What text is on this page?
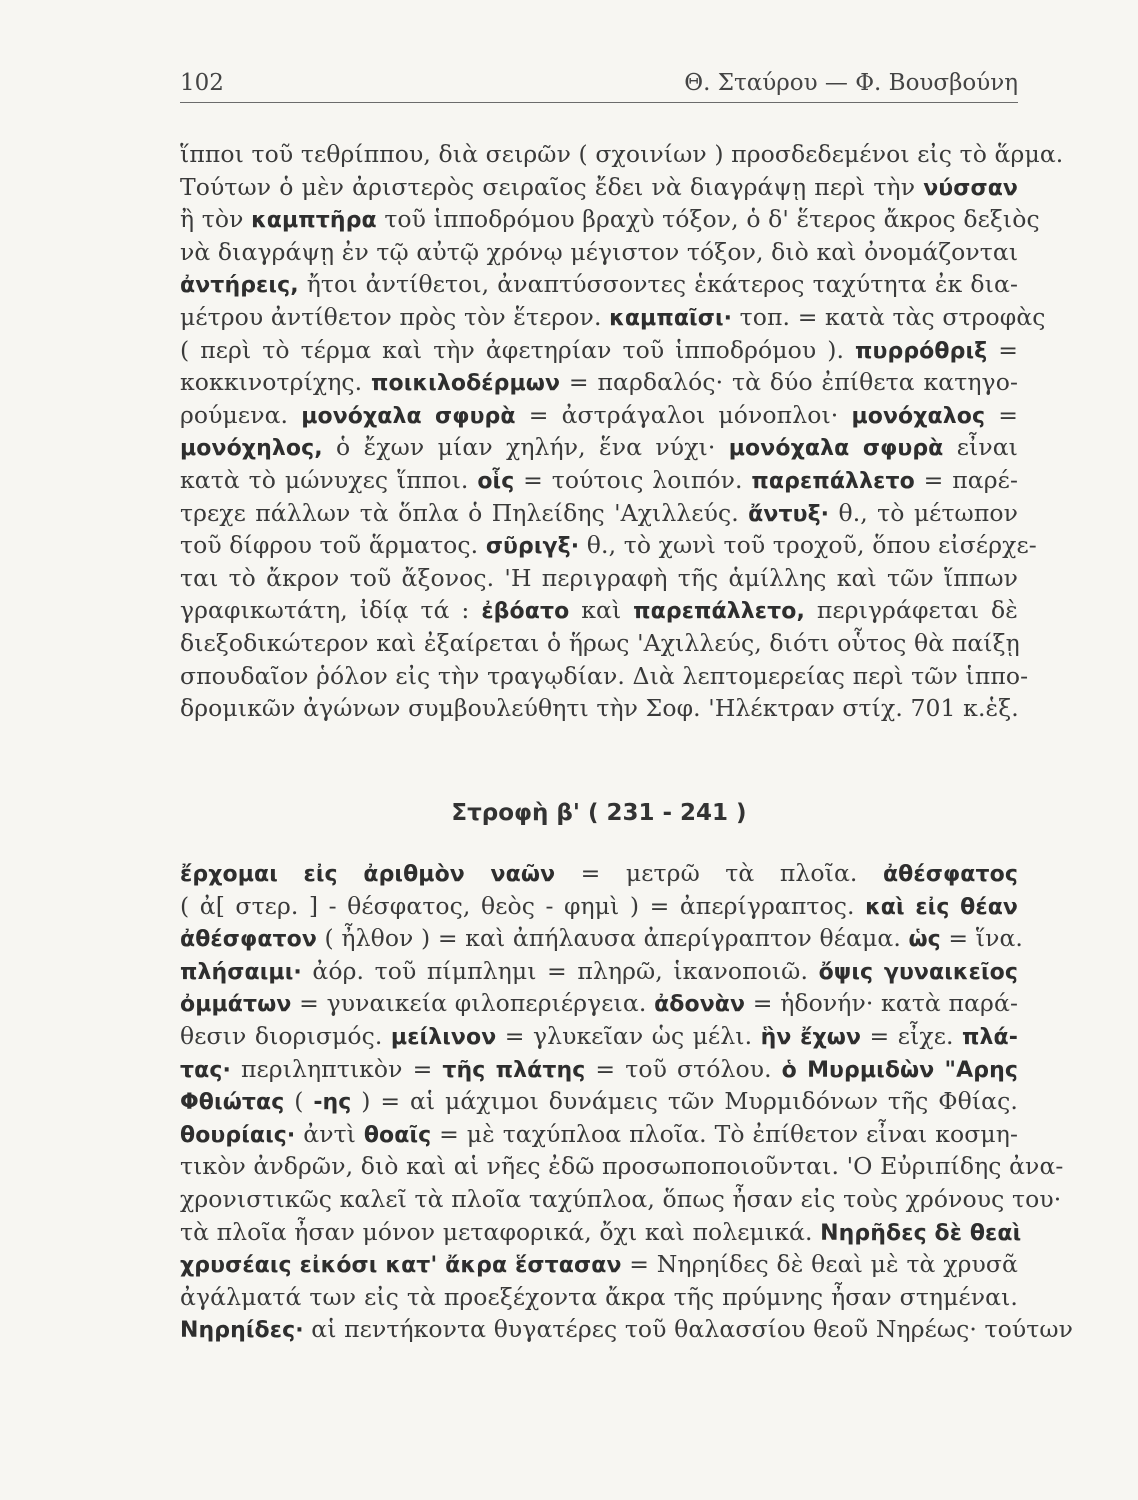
102	Θ. Σταύρου — Φ. Βουσβούνη
ἵπποι τοῦ τεθρίππου, διὰ σειρῶν ( σχοινίων ) προσδεδεμένοι εἰς τὸ ἅρμα.
Τούτων ὁ μὲν ἀριστερὸς σειραῖος ἔδει νὰ διαγράψῃ περὶ τὴν νύσσαν
ἢ τὸν καμπτῆρα τοῦ ἱπποδρόμου βραχὺ τόξον, ὁ δ' ἕτερος ἄκρος δεξιὸς
νὰ διαγράψῃ ἐν τῷ αὐτῷ χρόνῳ μέγιστον τόξον, διὸ καὶ ὀνομάζονται
ἀντήρεις, ἤτοι ἀντίθετοι, ἀναπτύσσοντες ἑκάτερος ταχύτητα ἐκ δια-
μέτρου ἀντίθετον πρὸς τὸν ἕτερον. καμπαῖσι· τοπ. = κατὰ τὰς στροφὰς
( περὶ τὸ τέρμα καὶ τὴν ἀφετηρίαν τοῦ ἱπποδρόμου ). πυρρόθριξ =
κοκκινοτρίχης. ποικιλοδέρμων = παρδαλός· τὰ δύο ἐπίθετα κατηγο-
ρούμενα. μονόχαλα σφυρὰ = ἀστράγαλοι μόνοπλοι· μονόχαλος =
μονόχηλος, ὁ ἔχων μίαν χηλήν, ἕνα νύχι· μονόχαλα σφυρὰ εἶναι
κατὰ τὸ μώνυχες ἵπποι. οἷς = τούτοις λοιπόν. παρεπάλλετο = παρέ-
τρεχε πάλλων τὰ ὅπλα ὁ Πηλείδης 'Αχιλλεύς. ἄντυξ· θ., τὸ μέτωπον
τοῦ δίφρου τοῦ ἅρματος. σῦριγξ· θ., τὸ χωνὶ τοῦ τροχοῦ, ὅπου εἰσέρχε-
ται τὸ ἄκρον τοῦ ἄξονος. 'Η περιγραφὴ τῆς ἁμίλλης καὶ τῶν ἵππων
γραφικωτάτη, ἰδίᾳ τά : ἐβόατο καὶ παρεπάλλετο, περιγράφεται δὲ
διεξοδικώτερον καὶ ἐξαίρεται ὁ ἥρως 'Αχιλλεύς, διότι οὗτος θὰ παίξῃ
σπουδαῖον ῥόλον εἰς τὴν τραγῳδίαν. Διὰ λεπτομερείας περὶ τῶν ἱππο-
δρομικῶν ἀγώνων συμβουλεύθητι τὴν Σοφ. 'Ηλέκτραν στίχ. 701 κ.ἑξ.
Στροφὴ β' ( 231 - 241 )
ἔρχομαι εἰς ἀριθμὸν ναῶν = μετρῶ τὰ πλοῖα. ἀθέσφατος
( ἀ[ στερ. ] - θέσφατος, θεὸς - φημὶ ) = ἀπερίγραπτος. καὶ εἰς θέαν
ἀθέσφατον ( ἦλθον ) = καὶ ἀπήλαυσα ἀπερίγραπτον θέαμα. ὡς = ἵνα.
πλήσαιμι· ἀόρ. τοῦ πίμπλημι = πληρῶ, ἱκανοποιῶ. ὄψις γυναικεῖος
ὀμμάτων = γυναικεία φιλοπεριέργεια. ἀδονὰν = ἡδονήν· κατὰ παρά-
θεσιν διορισμός. μείλινον = γλυκεῖαν ὡς μέλι. ἣν ἔχων = εἶχε. πλά-
τας· περιληπτικὸν = τῆς πλάτης = τοῦ στόλου. ὁ Μυρμιδὼν "Αρης
Φθιώτας ( -ης ) = αἱ μάχιμοι δυνάμεις τῶν Μυρμιδόνων τῆς Φθίας.
θουρίαις· ἀντὶ θοαῖς = μὲ ταχύπλοα πλοῖα. Τὸ ἐπίθετον εἶναι κοσμη-
τικὸν ἀνδρῶν, διὸ καὶ αἱ νῆες ἐδῶ προσωποποιοῦνται. 'Ο Εὐριπίδης ἀνα-
χρονιστικῶς καλεῖ τὰ πλοῖα ταχύπλοα, ὅπως ἦσαν εἰς τοὺς χρόνους του·
τὰ πλοῖα ἦσαν μόνον μεταφορικά, ὄχι καὶ πολεμικά. Νηρῆδες δὲ θεαὶ
χρυσέαις εἰκόσι κατ' ἄκρα ἕστασαν = Νηρηίδες δὲ θεαὶ μὲ τὰ χρυσᾶ
ἀγάλματά των εἰς τὰ προεξέχοντα ἄκρα τῆς πρύμνης ἦσαν στημέναι.
Νηρηίδες· αἱ πεντήκοντα θυγατέρες τοῦ θαλασσίου θεοῦ Νηρέως· τούτων
